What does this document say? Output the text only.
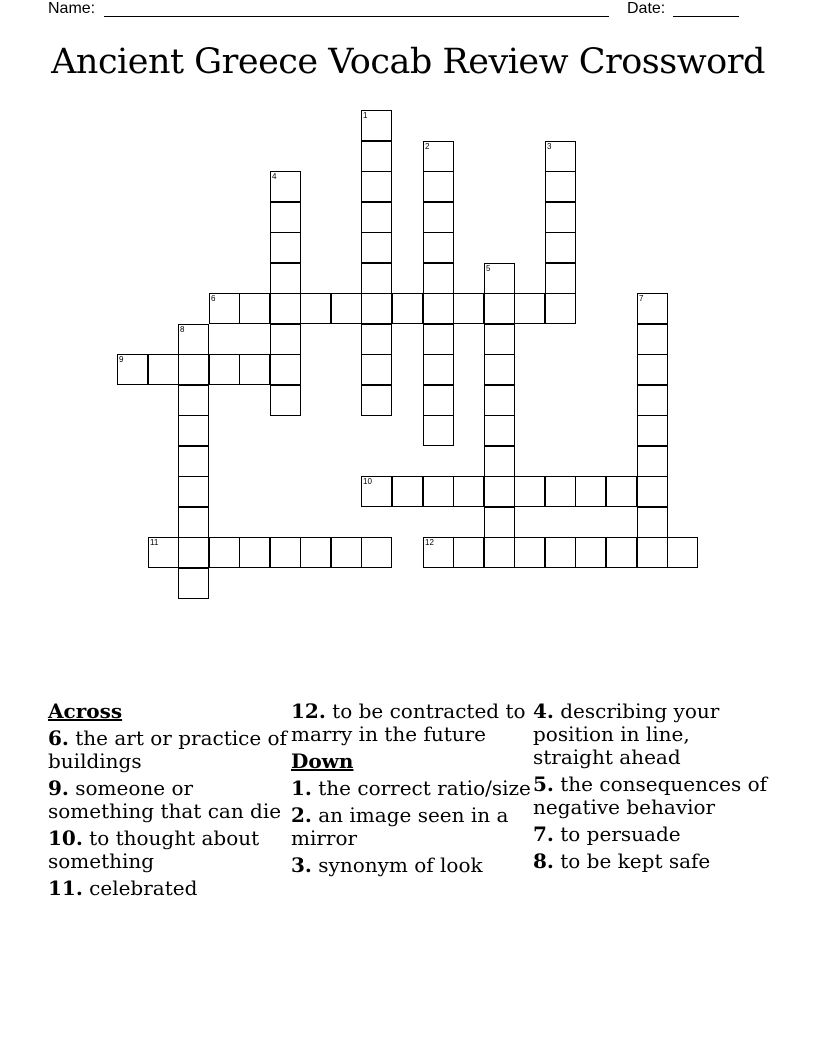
Name:	Date:
Ancient Greece Vocab Review Crossword
1
2	3
4
5
6	7
8
9
10
11	12
Across
6. the art or practice of buildings
9. someone or something that can die
10. to thought about something
11. celebrated
12. to be contracted to marry in the future
Down
1. the correct ratio/size
2. an image seen in a mirror
3. synonym of look
4. describing your position in line, straight ahead
5. the consequences of negative behavior
7. to persuade
8. to be kept safe
